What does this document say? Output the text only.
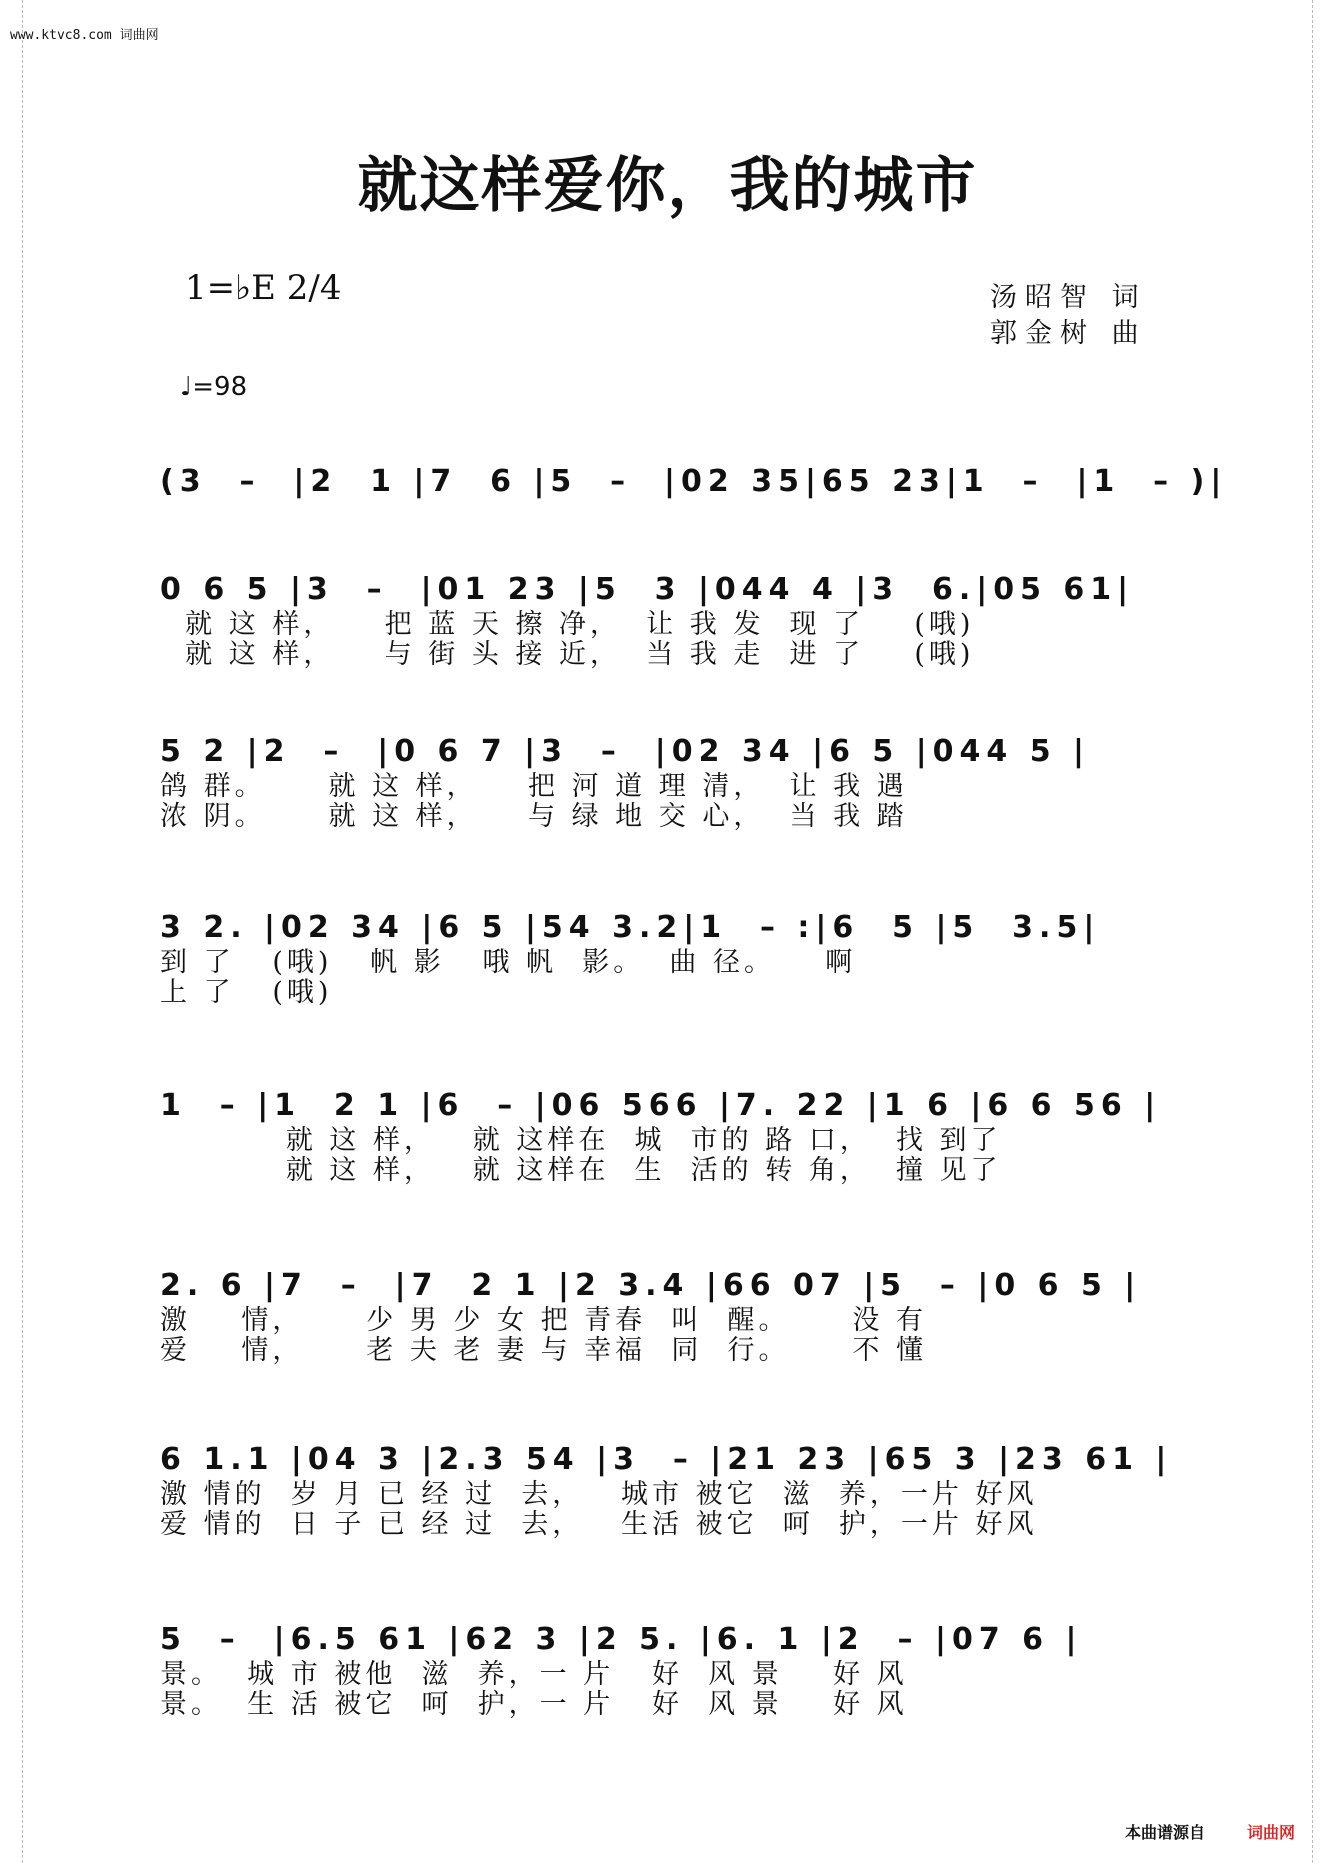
www.ktvc8.com 词曲网
就这样爱你，我的城市
1=♭E 2/4	汤昭智 词
郭金树 曲
♩=98
(3  –  |2  1 |7  6 |5  –  |02 35|65 23|1  –  |1  – )|
0 6 5 |3  –  |01 23 |5  3 |044 4 |3  6.|05 61|
就 这 样，    把 蓝 天 擦 净，  让 我 发  现 了    (哦)
就 这 样，    与 街 头 接 近，  当 我 走  进 了    (哦)
5 2 |2  –  |0 6 7 |3  –  |02 34 |6 5 |044 5 |
鸽 群。     就 这 样，    把 河 道 理 清，  让 我 遇
浓 阴。     就 这 样，    与 绿 地 交 心，  当 我 踏
3 2. |02 34 |6 5 |54 3.2|1  – :|6  5 |5  3.5|
到 了   (哦)   帆 影   哦 帆  影。  曲 径。    啊
上 了   (哦)
1  – |1  2 1 |6  – |06 566 |7. 22 |1 6 |6 6 56 |
就 这 样，   就 这样在  城  市的 路 口，  找 到了
就 这 样，   就 这样在  生  活的 转 角，  撞 见了
2. 6 |7  –  |7  2 1 |2 3.4 |66 07 |5  – |0 6 5 |
激    情，     少 男 少 女 把 青春  叫  醒。     没 有
爱    情，     老 夫 老 妻 与 幸福  同  行。     不 懂
6 1.1 |04 3 |2.3 54 |3  – |21 23 |65 3 |23 61 |
激 情的  岁 月 已 经 过  去，   城市 被它  滋  养，一片 好风
爱 情的  日 子 已 经 过  去，   生活 被它  呵  护，一片 好风
5  –  |6.5 61 |62 3 |2 5. |6. 1 |2  – |07 6 |
景。  城 市 被他  滋  养，一 片   好  风 景    好 风
景。  生 活 被它  呵  护，一 片   好  风 景    好 风
本曲谱源自	词曲网
